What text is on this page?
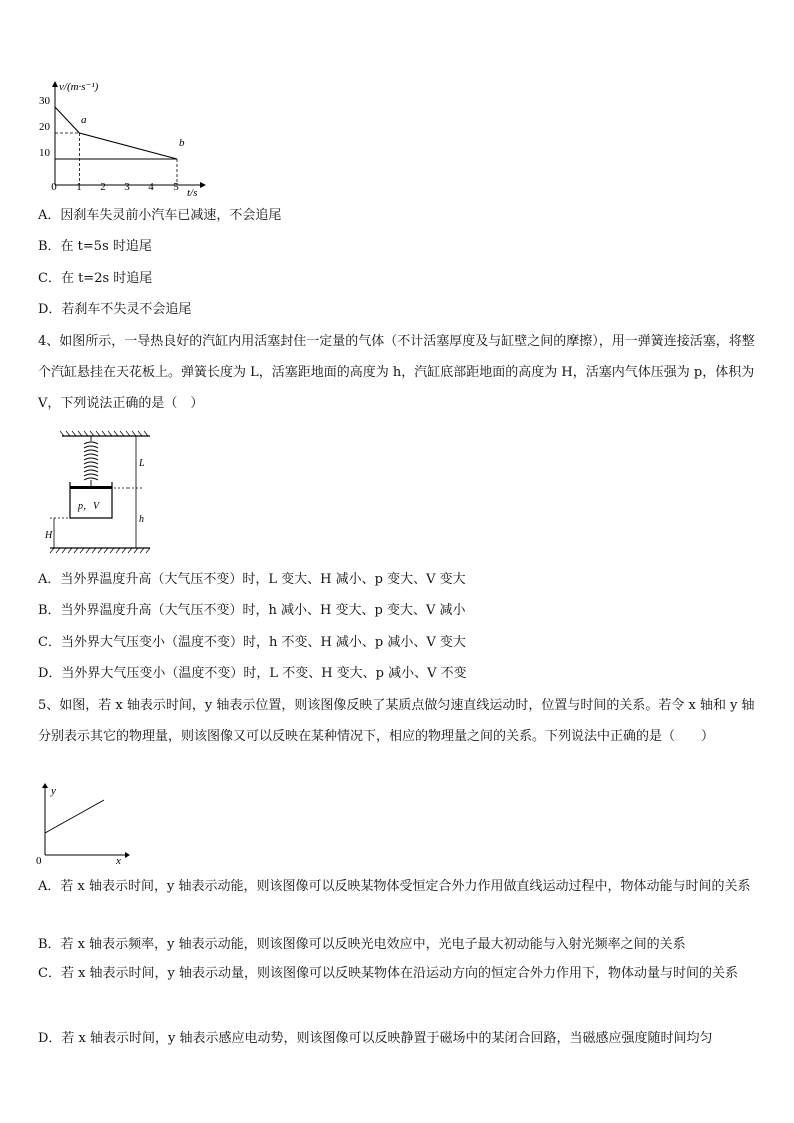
v/(m·s⁻¹)
t/s
30
20
10
0 1 2 3 4 5
a
b
A．因刹车失灵前小汽车已减速，不会追尾
B．在 t=5s 时追尾
C．在 t=2s 时追尾
D．若刹车不失灵不会追尾
4、如图所示，一导热良好的汽缸内用活塞封住一定量的气体（不计活塞厚度及与缸壁之间的摩擦），用一弹簧连接活塞，将整个汽缸悬挂在天花板上。弹簧长度为 L，活塞距地面的高度为 h，汽缸底部距地面的高度为 H，活塞内气体压强为 p，体积为 V，下列说法正确的是（　）
p，V
L
h
H
A．当外界温度升高（大气压不变）时，L 变大、H 减小、p 变大、V 变大
B．当外界温度升高（大气压不变）时，h 减小、H 变大、p 变大、V 减小
C．当外界大气压变小（温度不变）时，h 不变、H 减小、p 减小、V 变大
D．当外界大气压变小（温度不变）时，L 不变、H 变大、p 减小、V 不变
5、如图，若 x 轴表示时间，y 轴表示位置，则该图像反映了某质点做匀速直线运动时，位置与时间的关系。若令 x 轴和 y 轴分别表示其它的物理量，则该图像又可以反映在某种情况下，相应的物理量之间的关系。下列说法中正确的是（　　）
y
x
0
A．若 x 轴表示时间，y 轴表示动能，则该图像可以反映某物体受恒定合外力作用做直线运动过程中，物体动能与时间的关系
B．若 x 轴表示频率，y 轴表示动能，则该图像可以反映光电效应中，光电子最大初动能与入射光频率之间的关系
C．若 x 轴表示时间，y 轴表示动量，则该图像可以反映某物体在沿运动方向的恒定合外力作用下，物体动量与时间的关系
D．若 x 轴表示时间，y 轴表示感应电动势，则该图像可以反映静置于磁场中的某闭合回路，当磁感应强度随时间均匀
